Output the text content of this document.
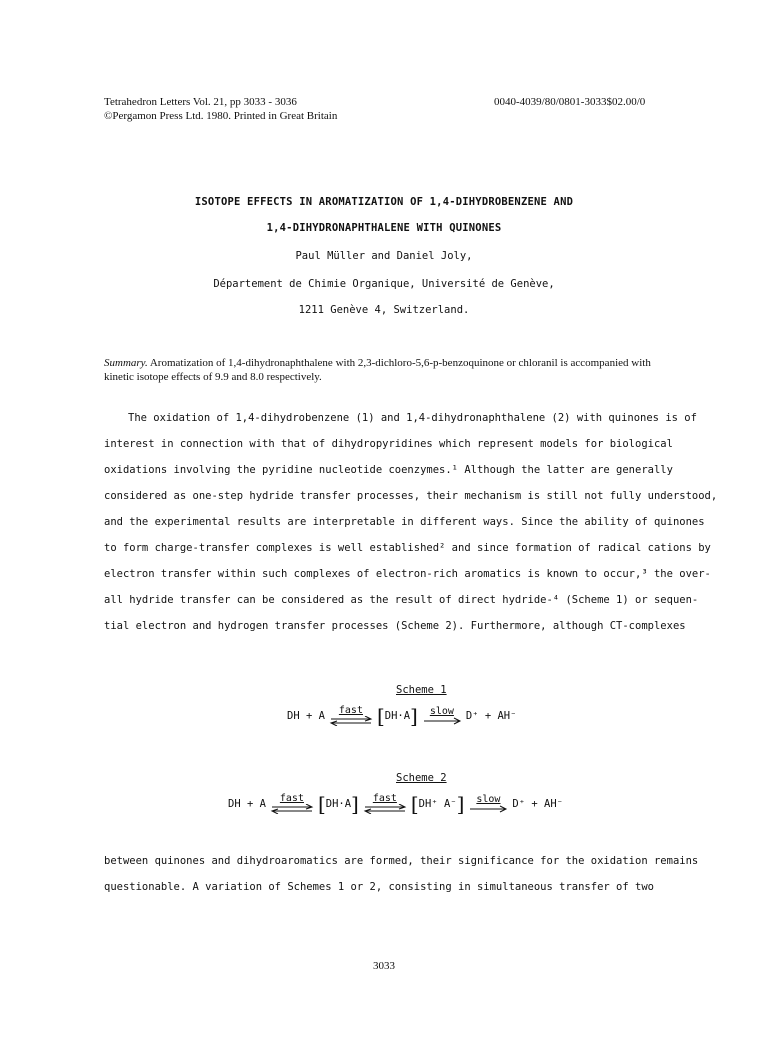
Tetrahedron Letters Vol. 21, pp 3033 - 3036
©Pergamon Press Ltd. 1980. Printed in Great Britain
0040-4039/80/0801-3033$02.00/0
ISOTOPE EFFECTS IN AROMATIZATION OF 1,4-DIHYDROBENZENE AND
1,4-DIHYDRONAPHTHALENE WITH QUINONES
Paul Müller and Daniel Joly,
Département de Chimie Organique, Université de Genève,
1211 Genève 4, Switzerland.
Summary. Aromatization of 1,4-dihydronaphthalene with 2,3-dichloro-5,6-p-benzoquinone or chloranil is accompanied with kinetic isotope effects of 9.9 and 8.0 respectively.
The oxidation of 1,4-dihydrobenzene (1) and 1,4-dihydronaphthalene (2) with quinones is of
interest in connection with that of dihydropyridines which represent models for biological
oxidations involving the pyridine nucleotide coenzymes.¹ Although the latter are generally
considered as one-step hydride transfer processes, their mechanism is still not fully understood,
and the experimental results are interpretable in different ways. Since the ability of quinones
to form charge-transfer complexes is well established² and since formation of radical cations by
electron transfer within such complexes of electron-rich aromatics is known to occur,³ the over-
all hydride transfer can be considered as the result of direct hydride-⁴ (Scheme 1) or sequen-
tial electron and hydrogen transfer processes (Scheme 2). Furthermore, although CT-complexes
Scheme 1
DH + A fast [ DH·A ] slow D⁺ + AH⁻
Scheme 2
DH + A fast [ DH·A ] fast [ DH⁺ A⁻ ] slow D⁺ + AH⁻
between quinones and dihydroaromatics are formed, their significance for the oxidation remains
questionable. A variation of Schemes 1 or 2, consisting in simultaneous transfer of two
3033
